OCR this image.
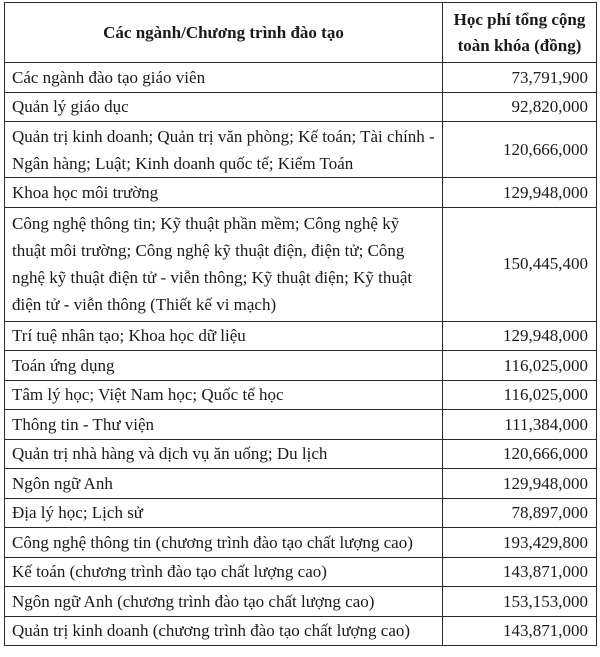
Các ngành/Chương trình đào tạo	Học phí tổng cộng toàn khóa (đồng)
Các ngành đào tạo giáo viên	73,791,900
Quản lý giáo dục	92,820,000
Quản trị kinh doanh; Quản trị văn phòng; Kế toán; Tài chính - Ngân hàng; Luật; Kinh doanh quốc tế; Kiểm Toán	120,666,000
Khoa học môi trường	129,948,000
Công nghệ thông tin; Kỹ thuật phần mềm; Công nghệ kỹ thuật môi trường; Công nghệ kỹ thuật điện, điện tử; Công nghệ kỹ thuật điện tử - viễn thông; Kỹ thuật điện; Kỹ thuật điện tử - viễn thông (Thiết kế vi mạch)	150,445,400
Trí tuệ nhân tạo; Khoa học dữ liệu	129,948,000
Toán ứng dụng	116,025,000
Tâm lý học; Việt Nam học; Quốc tế học	116,025,000
Thông tin - Thư viện	111,384,000
Quản trị nhà hàng và dịch vụ ăn uống; Du lịch	120,666,000
Ngôn ngữ Anh	129,948,000
Địa lý học; Lịch sử	78,897,000
Công nghệ thông tin (chương trình đào tạo chất lượng cao)	193,429,800
Kế toán (chương trình đào tạo chất lượng cao)	143,871,000
Ngôn ngữ Anh (chương trình đào tạo chất lượng cao)	153,153,000
Quản trị kinh doanh (chương trình đào tạo chất lượng cao)	143,871,000
